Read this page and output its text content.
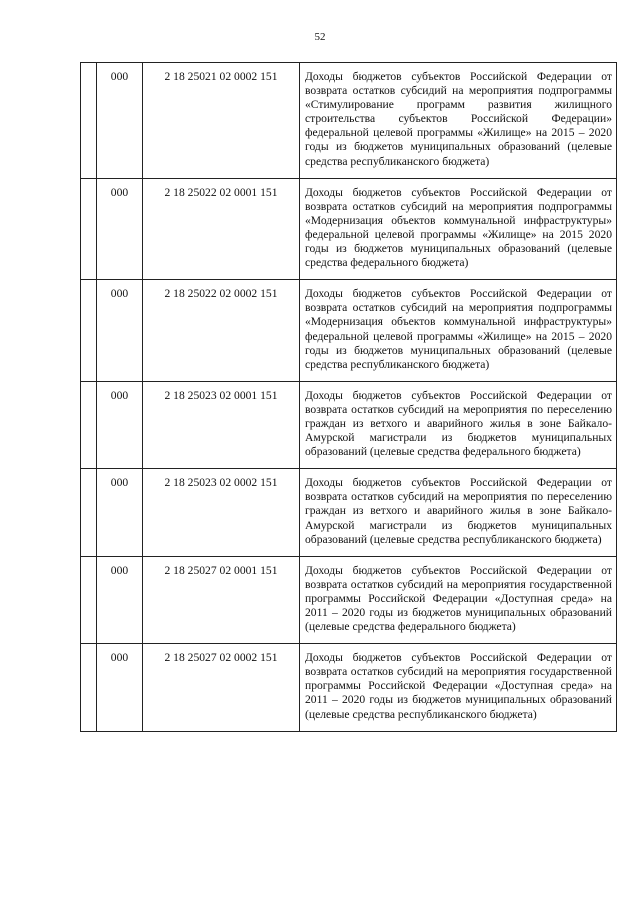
52
	000	2 18 25021 02 0002 151	Доходы бюджетов субъектов Российской Федерации от возврата остатков субсидий на мероприятия подпрограммы «Стимулирование программ развития жилищного строительства субъектов Российской Федерации» федеральной целевой программы «Жилище» на 2015 – 2020 годы из бюджетов муниципальных образований (целевые средства республиканского бюджета)

	000	2 18 25022 02 0001 151	Доходы бюджетов субъектов Российской Федерации от возврата остатков субсидий на мероприятия подпрограммы «Модернизация объектов коммунальной инфраструктуры» федеральной целевой программы «Жилище» на 2015 2020 годы из бюджетов муниципальных образований (целевые средства федерального бюджета)

	000	2 18 25022 02 0002 151	Доходы бюджетов субъектов Российской Федерации от возврата остатков субсидий на мероприятия подпрограммы «Модернизация объектов коммунальной инфраструктуры» федеральной целевой программы «Жилище» на 2015 – 2020 годы из бюджетов муниципальных образований (целевые средства республиканского бюджета)

	000	2 18 25023 02 0001 151	Доходы бюджетов субъектов Российской Федерации от возврата остатков субсидий на мероприятия по переселению граждан из ветхого и аварийного жилья в зоне Байкало-Амурской магистрали из бюджетов муниципальных образований (целевые средства федерального бюджета)

	000	2 18 25023 02 0002 151	Доходы бюджетов субъектов Российской Федерации от возврата остатков субсидий на мероприятия по переселению граждан из ветхого и аварийного жилья в зоне Байкало-Амурской магистрали из бюджетов муниципальных образований (целевые средства республиканского бюджета)

	000	2 18 25027 02 0001 151	Доходы бюджетов субъектов Российской Федерации от возврата остатков субсидий на мероприятия государственной программы Российской Федерации «Доступная среда» на 2011 – 2020 годы из бюджетов муниципальных образований (целевые средства федерального бюджета)

	000	2 18 25027 02 0002 151	Доходы бюджетов субъектов Российской Федерации от возврата остатков субсидий на мероприятия государственной программы Российской Федерации «Доступная среда» на 2011 – 2020 годы из бюджетов муниципальных образований (целевые средства республиканского бюджета)
